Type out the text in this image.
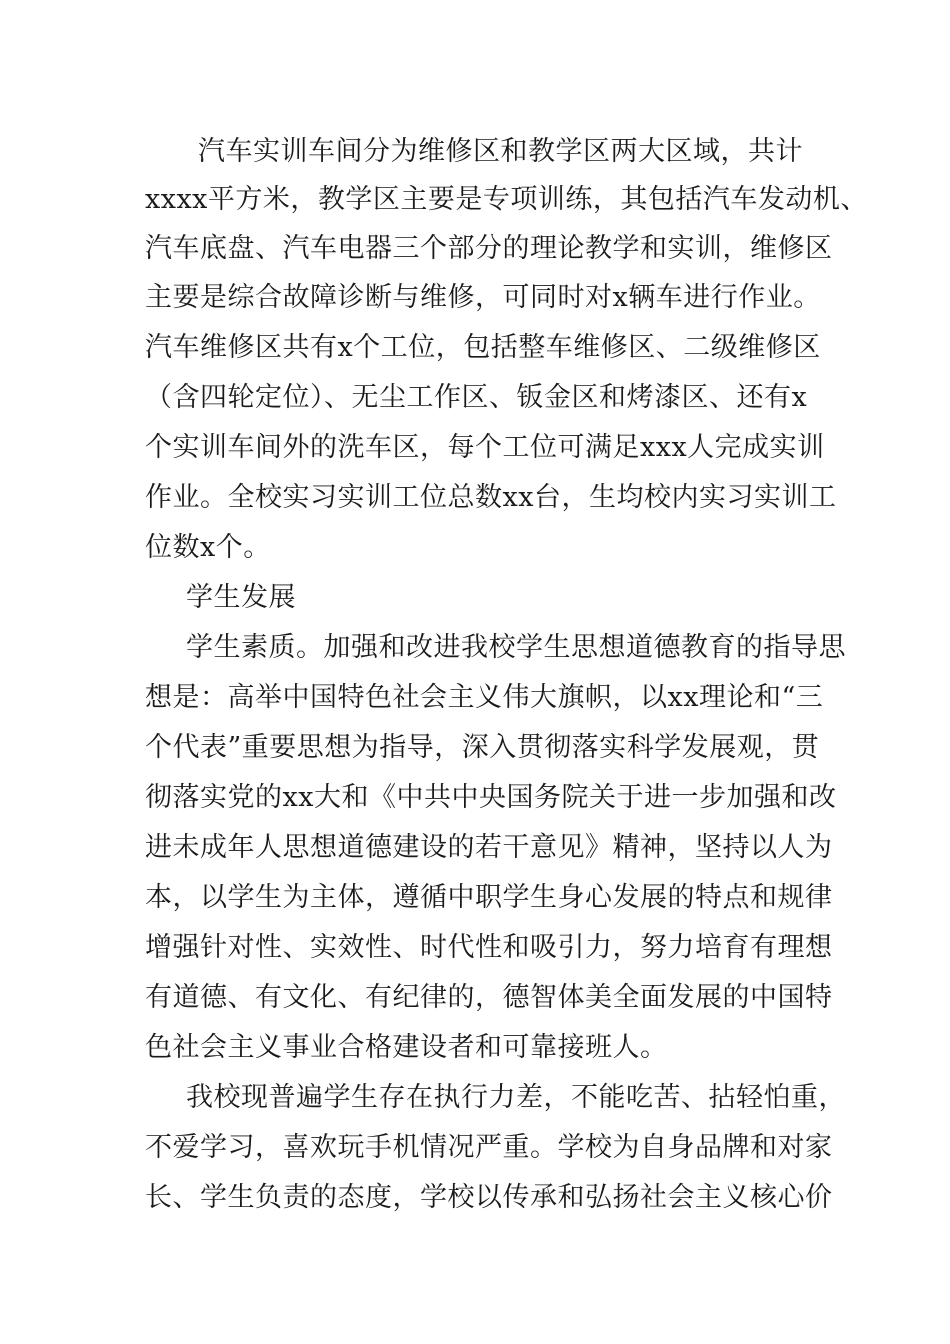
汽车实训车间分为维修区和教学区两大区域，共计
xxxx平方米，教学区主要是专项训练，其包括汽车发动机、
汽车底盘、汽车电器三个部分的理论教学和实训，维修区
主要是综合故障诊断与维修，可同时对x辆车进行作业。
汽车维修区共有x个工位，包括整车维修区、二级维修区
（含四轮定位）、无尘工作区、钣金区和烤漆区、还有x
个实训车间外的洗车区，每个工位可满足xxx人完成实训
作业。全校实习实训工位总数xx台，生均校内实习实训工
位数x个。
学生发展
学生素质。加强和改进我校学生思想道德教育的指导思
想是：高举中国特色社会主义伟大旗帜，以xx理论和“三
个代表”重要思想为指导，深入贯彻落实科学发展观，贯
彻落实党的xx大和《中共中央国务院关于进一步加强和改
进未成年人思想道德建设的若干意见》精神，坚持以人为
本，以学生为主体，遵循中职学生身心发展的特点和规律
增强针对性、实效性、时代性和吸引力，努力培育有理想
有道德、有文化、有纪律的，德智体美全面发展的中国特
色社会主义事业合格建设者和可靠接班人。
我校现普遍学生存在执行力差，不能吃苦、拈轻怕重，
不爱学习，喜欢玩手机情况严重。学校为自身品牌和对家
长、学生负责的态度，学校以传承和弘扬社会主义核心价
